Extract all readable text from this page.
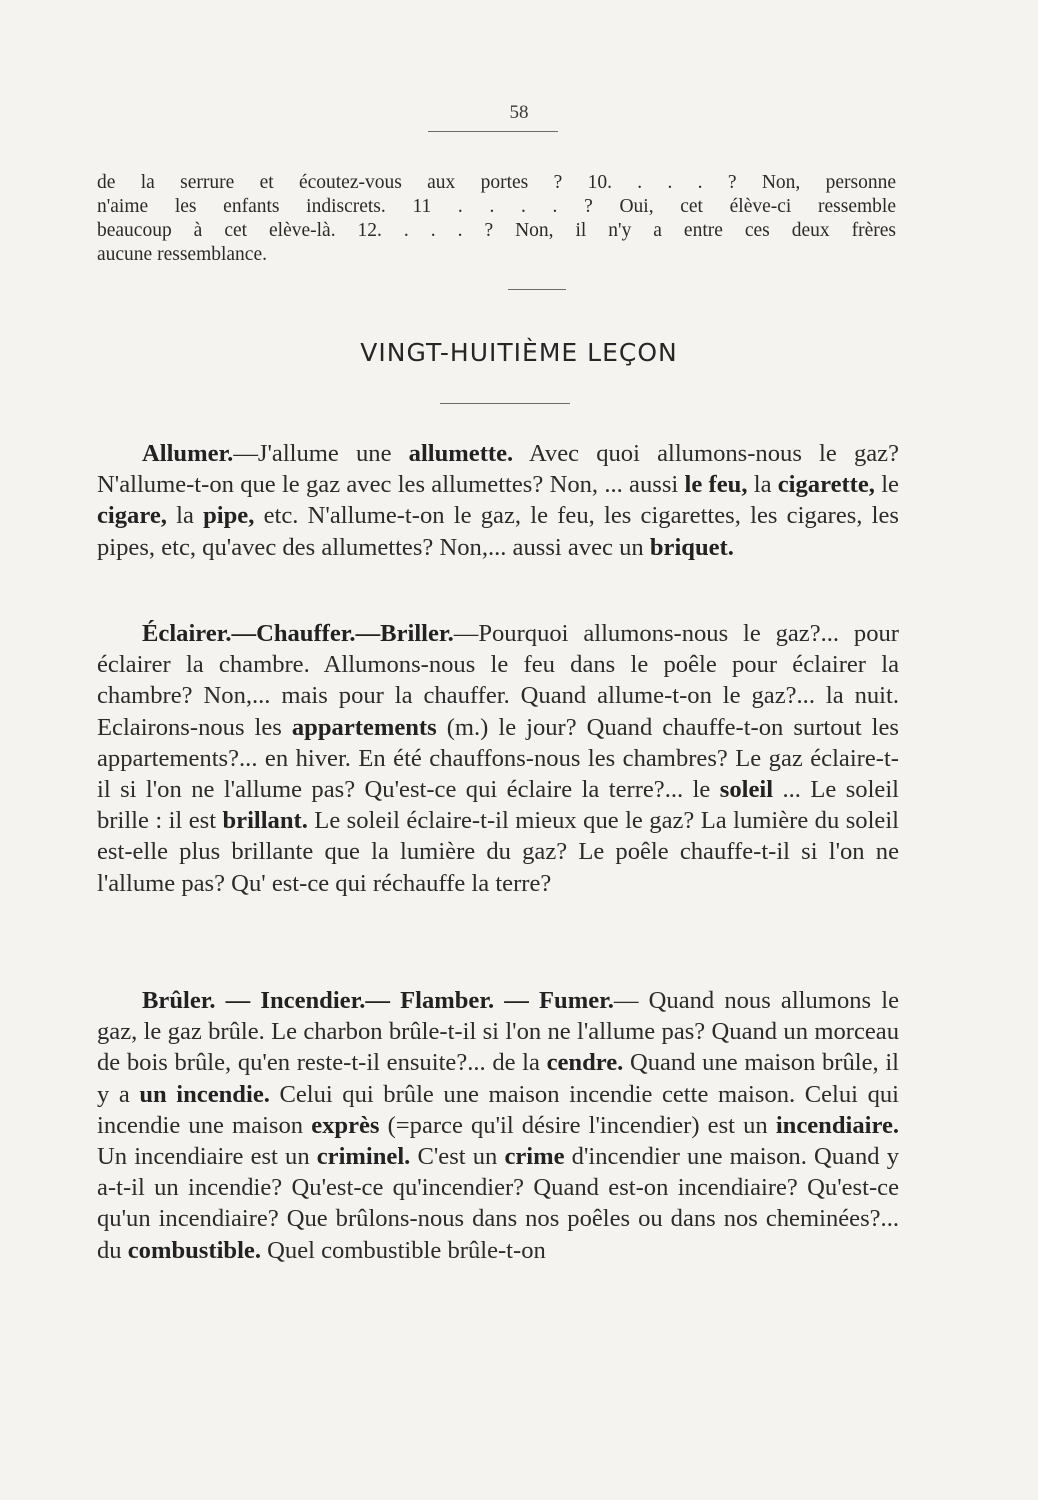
58

de la serrure et écoutez-vous aux portes ? 10. . . . ? Non, personne

n'aime les enfants indiscrets. 11 . . . . ? Oui, cet élève-ci ressemble

beaucoup à cet elève-là. 12. . . . ? Non, il n'y a entre ces deux frères

aucune ressemblance.

VINGT-HUITIÈME LEÇON

Allumer.—J'allume une allumette. Avec quoi allumons-nous le gaz? N'allume-t-on que le gaz avec les allumettes? Non, ... aussi le feu, la cigarette, le cigare, la pipe, etc. N'allume-t-on le gaz, le feu, les cigarettes, les cigares, les pipes, etc, qu'avec des allumettes? Non,... aussi avec un briquet.

Éclairer.—Chauffer.—Briller.—Pourquoi allumons-nous le gaz?... pour éclairer la chambre. Allumons-nous le feu dans le poêle pour éclairer la chambre? Non,... mais pour la chauffer. Quand allume-t-on le gaz?... la nuit. Eclairons-nous les appartements (m.) le jour? Quand chauffe-t-on surtout les appartements?... en hiver. En été chauffons-nous les chambres? Le gaz éclaire-t-il si l'on ne l'allume pas? Qu'est-ce qui éclaire la terre?... le soleil ... Le soleil brille : il est brillant. Le soleil éclaire-t-il mieux que le gaz? La lumière du soleil est-elle plus brillante que la lumière du gaz? Le poêle chauffe-t-il si l'on ne l'allume pas? Qu' est-ce qui réchauffe la terre?

Brûler. — Incendier.— Flamber. — Fumer.— Quand nous allumons le gaz, le gaz brûle. Le charbon brûle-t-il si l'on ne l'allume pas? Quand un morceau de bois brûle, qu'en reste-t-il ensuite?... de la cendre. Quand une maison brûle, il y a un incendie. Celui qui brûle une maison incendie cette maison. Celui qui incendie une maison exprès (=parce qu'il désire l'incendier) est un incendiaire. Un incendiaire est un criminel. C'est un crime d'incendier une maison. Quand y a-t-il un incendie? Qu'est-ce qu'incendier? Quand est-on incendiaire? Qu'est-ce qu'un incendiaire? Que brûlons-nous dans nos poêles ou dans nos cheminées?... du combustible. Quel combustible brûle-t-on
